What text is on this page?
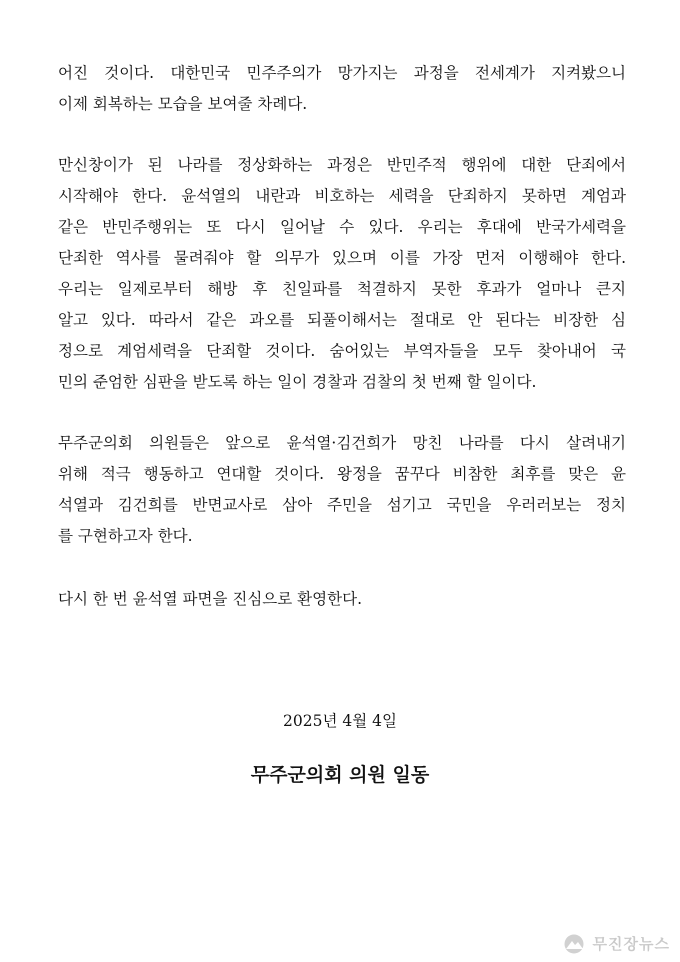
어진 것이다. 대한민국 민주주의가 망가지는 과정을 전세계가 지켜봤으니
이제 회복하는 모습을 보여줄 차례다.
만신창이가 된 나라를 정상화하는 과정은 반민주적 행위에 대한 단죄에서
시작해야 한다. 윤석열의 내란과 비호하는 세력을 단죄하지 못하면 계엄과
같은 반민주행위는 또 다시 일어날 수 있다. 우리는 후대에 반국가세력을
단죄한 역사를 물려줘야 할 의무가 있으며 이를 가장 먼저 이행해야 한다.
우리는 일제로부터 해방 후 친일파를 척결하지 못한 후과가 얼마나 큰지
알고 있다. 따라서 같은 과오를 되풀이해서는 절대로 안 된다는 비장한 심
정으로 계엄세력을 단죄할 것이다. 숨어있는 부역자들을 모두 찾아내어 국
민의 준엄한 심판을 받도록 하는 일이 경찰과 검찰의 첫 번째 할 일이다.
무주군의회 의원들은 앞으로 윤석열·김건희가 망친 나라를 다시 살려내기
위해 적극 행동하고 연대할 것이다. 왕정을 꿈꾸다 비참한 최후를 맞은 윤
석열과 김건희를 반면교사로 삼아 주민을 섬기고 국민을 우러러보는 정치
를 구현하고자 한다.
다시 한 번 윤석열 파면을 진심으로 환영한다.
2025년 4월 4일
무주군의회 의원 일동
무진장뉴스
